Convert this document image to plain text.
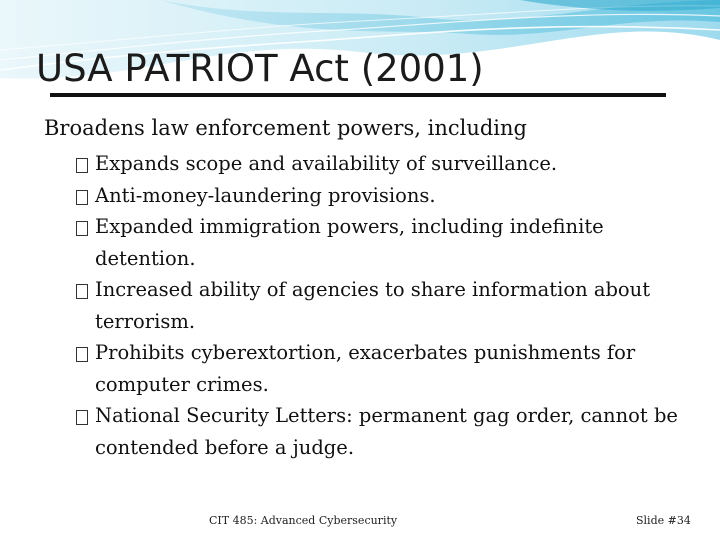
USA PATRIOT Act (2001)

Broadens law enforcement powers, including

Expands scope and availability of surveillance.
Anti-money-laundering provisions.
Expanded immigration powers, including indefinite detention.
Increased ability of agencies to share information about terrorism.
Prohibits cyberextortion, exacerbates punishments for computer crimes.
National Security Letters: permanent gag order, cannot be contended before a judge.
CIT 485: Advanced Cybersecurity	Slide #34
